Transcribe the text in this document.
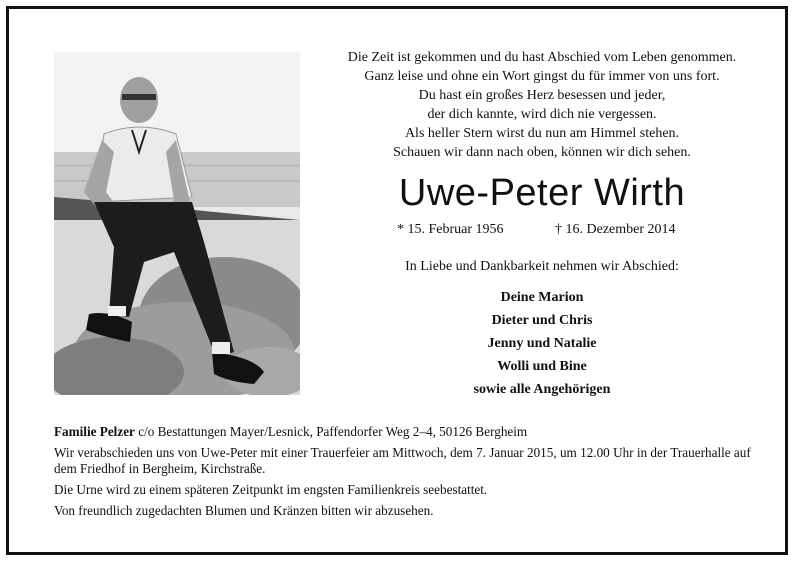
Die Zeit ist gekommen und du hast Abschied vom Leben genommen.
Ganz leise und ohne ein Wort gingst du für immer von uns fort.
Du hast ein großes Herz besessen und jeder,
der dich kannte, wird dich nie vergessen.
Als heller Stern wirst du nun am Himmel stehen.
Schauen wir dann nach oben, können wir dich sehen.
Uwe-Peter Wirth
* 15. Februar 1956	† 16. Dezember 2014
In Liebe und Dankbarkeit nehmen wir Abschied:
Deine Marion
Dieter und Chris
Jenny und Natalie
Wolli und Bine
sowie alle Angehörigen

Familie Pelzer c/o Bestattungen Mayer/Lesnick, Paffendorfer Weg 2–4, 50126 Bergheim

Wir verabschieden uns von Uwe-Peter mit einer Trauerfeier am Mittwoch, dem 7. Januar 2015, um 12.00 Uhr in der Trauerhalle auf dem Friedhof in Bergheim, Kirchstraße.

Die Urne wird zu einem späteren Zeitpunkt im engsten Familienkreis seebestattet.

Von freundlich zugedachten Blumen und Kränzen bitten wir abzusehen.
